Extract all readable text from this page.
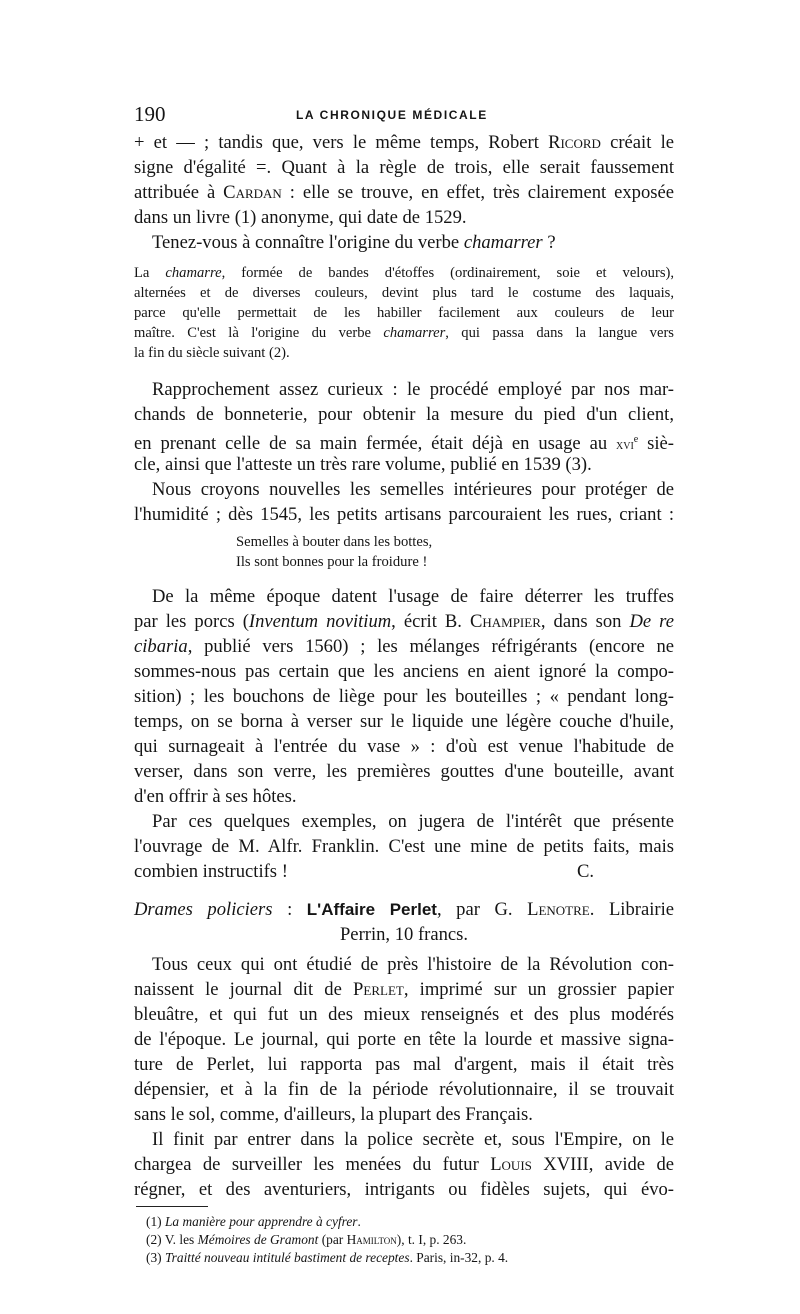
190	LA CHRONIQUE MÉDICALE
+ et — ; tandis que, vers le même temps, Robert Ricord créait le
signe d'égalité =. Quant à la règle de trois, elle serait faussement
attribuée à Cardan : elle se trouve, en effet, très clairement exposée
dans un livre (1) anonyme, qui date de 1529.
Tenez-vous à connaître l'origine du verbe chamarrer ?
La chamarre, formée de bandes d'étoffes (ordinairement, soie et velours),
alternées et de diverses couleurs, devint plus tard le costume des laquais,
parce qu'elle permettait de les habiller facilement aux couleurs de leur
maître. C'est là l'origine du verbe chamarrer, qui passa dans la langue vers
la fin du siècle suivant (2).
Rapprochement assez curieux : le procédé employé par nos mar-
chands de bonneterie, pour obtenir la mesure du pied d'un client,
en prenant celle de sa main fermée, était déjà en usage au xvi$^e$ siè-
cle, ainsi que l'atteste un très rare volume, publié en 1539 (3).
Nous croyons nouvelles les semelles intérieures pour protéger de
l'humidité ; dès 1545, les petits artisans parcouraient les rues, criant :
Semelles à bouter dans les bottes,
Ils sont bonnes pour la froidure !
De la même époque datent l'usage de faire déterrer les truffes
par les porcs (Inventum novitium, écrit B. Champier, dans son De re
cibaria, publié vers 1560) ; les mélanges réfrigérants (encore ne
sommes-nous pas certain que les anciens en aient ignoré la compo-
sition) ; les bouchons de liège pour les bouteilles ; « pendant long-
temps, on se borna à verser sur le liquide une légère couche d'huile,
qui surnageait à l'entrée du vase » : d'où est venue l'habitude de
verser, dans son verre, les premières gouttes d'une bouteille, avant
d'en offrir à ses hôtes.
Par ces quelques exemples, on jugera de l'intérêt que présente
l'ouvrage de M. Alfr. Franklin. C'est une mine de petits faits, mais
combien instructifs !	C.
Drames policiers : L'Affaire Perlet, par G. Lenotre. Librairie
Perrin, 10 francs.
Tous ceux qui ont étudié de près l'histoire de la Révolution con-
naissent le journal dit de Perlet, imprimé sur un grossier papier
bleuâtre, et qui fut un des mieux renseignés et des plus modérés
de l'époque. Le journal, qui porte en tête la lourde et massive signa-
ture de Perlet, lui rapporta pas mal d'argent, mais il était très
dépensier, et à la fin de la période révolutionnaire, il se trouvait
sans le sol, comme, d'ailleurs, la plupart des Français.
Il finit par entrer dans la police secrète et, sous l'Empire, on le
chargea de surveiller les menées du futur Louis XVIII, avide de
régner, et des aventuriers, intrigants ou fidèles sujets, qui évo-
(1) La manière pour apprendre à cyfrer.
(2) V. les Mémoires de Gramont (par Hamilton), t. I, p. 263.
(3) Traitté nouveau intitulé bastiment de receptes. Paris, in-32, p. 4.
